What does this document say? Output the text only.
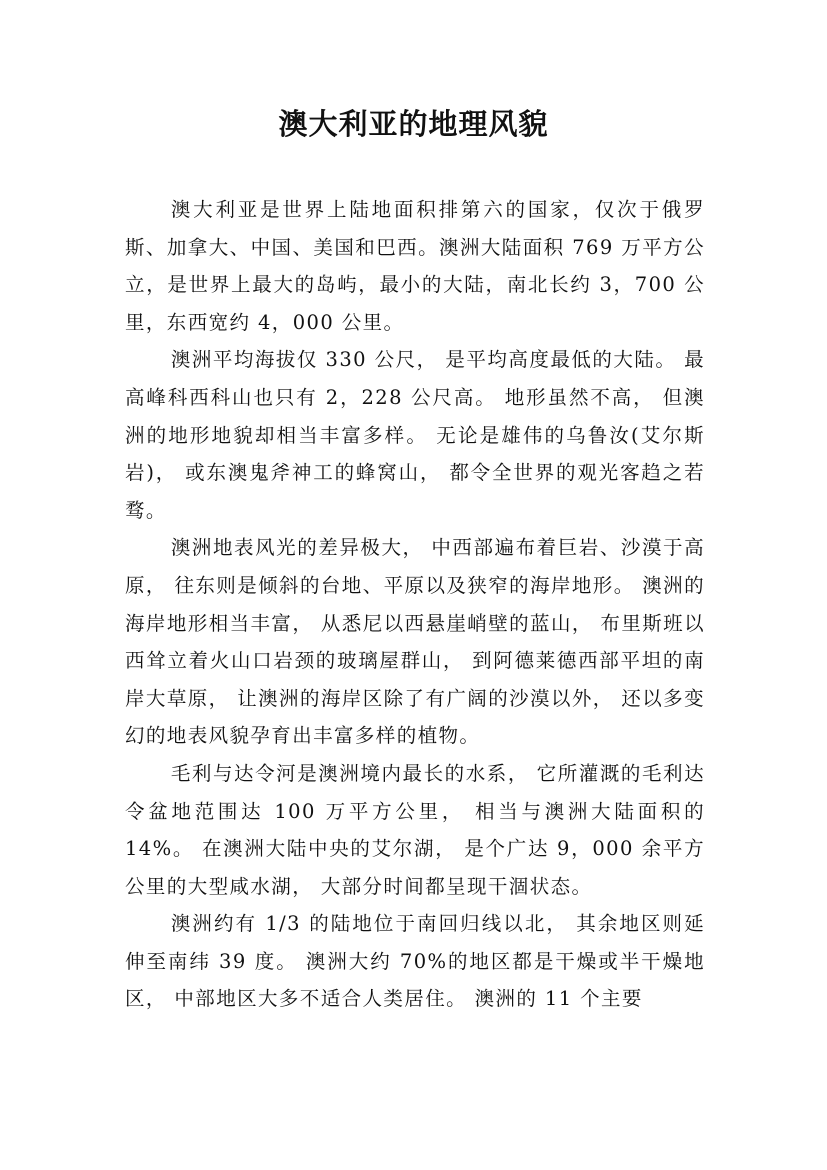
澳大利亚的地理风貌

澳大利亚是世界上陆地面积排第六的国家，仅次于俄罗斯、加拿大、中国、美国和巴西。澳洲大陆面积 769 万平方公立，是世界上最大的岛屿，最小的大陆，南北长约 3，700 公里，东西宽约 4，000 公里。

澳洲平均海拔仅 330 公尺， 是平均高度最低的大陆。 最高峰科西科山也只有 2，228 公尺高。 地形虽然不高， 但澳洲的地形地貌却相当丰富多样。 无论是雄伟的乌鲁汝(艾尔斯岩)， 或东澳鬼斧神工的蜂窝山， 都令全世界的观光客趋之若骛。

澳洲地表风光的差异极大， 中西部遍布着巨岩、沙漠于高原， 往东则是倾斜的台地、平原以及狭窄的海岸地形。 澳洲的海岸地形相当丰富， 从悉尼以西悬崖峭壁的蓝山， 布里斯班以西耸立着火山口岩颈的玻璃屋群山， 到阿德莱德西部平坦的南岸大草原， 让澳洲的海岸区除了有广阔的沙漠以外， 还以多变幻的地表风貌孕育出丰富多样的植物。

毛利与达令河是澳洲境内最长的水系， 它所灌溉的毛利达令盆地范围达 100 万平方公里， 相当与澳洲大陆面积的 14%。 在澳洲大陆中央的艾尔湖， 是个广达 9，000 余平方公里的大型咸水湖， 大部分时间都呈现干涸状态。

澳洲约有 1/3 的陆地位于南回归线以北， 其余地区则延伸至南纬 39 度。 澳洲大约 70%的地区都是干燥或半干燥地区， 中部地区大多不适合人类居住。 澳洲的 11 个主要
